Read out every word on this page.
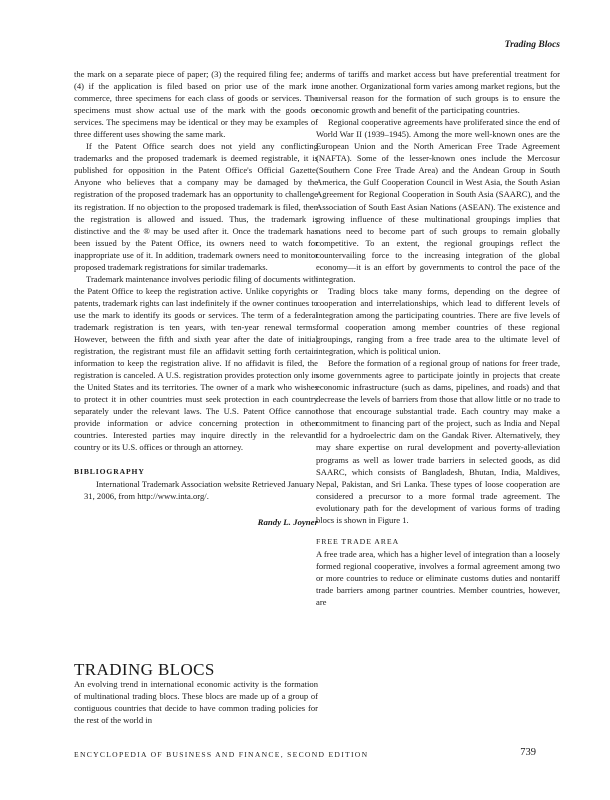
Trading Blocs

the mark on a separate piece of paper; (3) the required filing fee; and (4) if the application is filed based on prior use of the mark in commerce, three specimens for each class of goods or services. The specimens must show actual use of the mark with the goods or services. The specimens may be identical or they may be examples of three different uses showing the same mark.

If the Patent Office search does not yield any conflicting trademarks and the proposed trademark is deemed registrable, it is published for opposition in the Patent Office's Official Gazette. Anyone who believes that a company may be damaged by the registration of the proposed trademark has an opportunity to challenge its registration. If no objection to the proposed trademark is filed, then the registration is allowed and issued. Thus, the trademark is distinctive and the ® may be used after it. Once the trademark has been issued by the Patent Office, its owners need to watch for inappropriate use of it. In addition, trademark owners need to monitor proposed trademark registrations for similar trademarks.

Trademark maintenance involves periodic filing of documents with the Patent Office to keep the registration active. Unlike copyrights or patents, trademark rights can last indefinitely if the owner continues to use the mark to identify its goods or services. The term of a federal trademark registration is ten years, with ten-year renewal terms. However, between the fifth and sixth year after the date of initial registration, the registrant must file an affidavit setting forth certain information to keep the registration alive. If no affidavit is filed, the registration is canceled. A U.S. registration provides protection only in the United States and its territories. The owner of a mark who wishes to protect it in other countries must seek protection in each country separately under the relevant laws. The U.S. Patent Office cannot provide information or advice concerning protection in other countries. Interested parties may inquire directly in the relevant country or its U.S. offices or through an attorney.

BIBLIOGRAPHY

International Trademark Association website Retrieved January 31, 2006, from http://www.inta.org/.

Randy L. Joyner
TRADING BLOCS

An evolving trend in international economic activity is the formation of multinational trading blocs. These blocs are made up of a group of contiguous countries that decide to have common trading policies for the rest of the world in

terms of tariffs and market access but have preferential treatment for one another. Organizational form varies among market regions, but the universal reason for the formation of such groups is to ensure the economic growth and benefit of the participating countries.

Regional cooperative agreements have proliferated since the end of World War II (1939–1945). Among the more well-known ones are the European Union and the North American Free Trade Agreement (NAFTA). Some of the lesser-known ones include the Mercosur (Southern Cone Free Trade Area) and the Andean Group in South America, the Gulf Cooperation Council in West Asia, the South Asian Agreement for Regional Cooperation in South Asia (SAARC), and the Association of South East Asian Nations (ASEAN). The existence and growing influence of these multinational groupings implies that nations need to become part of such groups to remain globally competitive. To an extent, the regional groupings reflect the countervailing force to the increasing integration of the global economy—it is an effort by governments to control the pace of the integration.

Trading blocs take many forms, depending on the degree of cooperation and interrelationships, which lead to different levels of integration among the participating countries. There are five levels of formal cooperation among member countries of these regional groupings, ranging from a free trade area to the ultimate level of integration, which is political union.

Before the formation of a regional group of nations for freer trade, some governments agree to participate jointly in projects that create economic infrastructure (such as dams, pipelines, and roads) and that decrease the levels of barriers from those that allow little or no trade to those that encourage substantial trade. Each country may make a commitment to financing part of the project, such as India and Nepal did for a hydroelectric dam on the Gandak River. Alternatively, they may share expertise on rural development and poverty-alleviation programs as well as lower trade barriers in selected goods, as did SAARC, which consists of Bangladesh, Bhutan, India, Maldives, Nepal, Pakistan, and Sri Lanka. These types of loose cooperation are considered a precursor to a more formal trade agreement. The evolutionary path for the development of various forms of trading blocs is shown in Figure 1.

FREE TRADE AREA

A free trade area, which has a higher level of integration than a loosely formed regional cooperative, involves a formal agreement among two or more countries to reduce or eliminate customs duties and nontariff trade barriers among partner countries. Member countries, however, are

ENCYCLOPEDIA OF BUSINESS AND FINANCE, SECOND EDITION	739
